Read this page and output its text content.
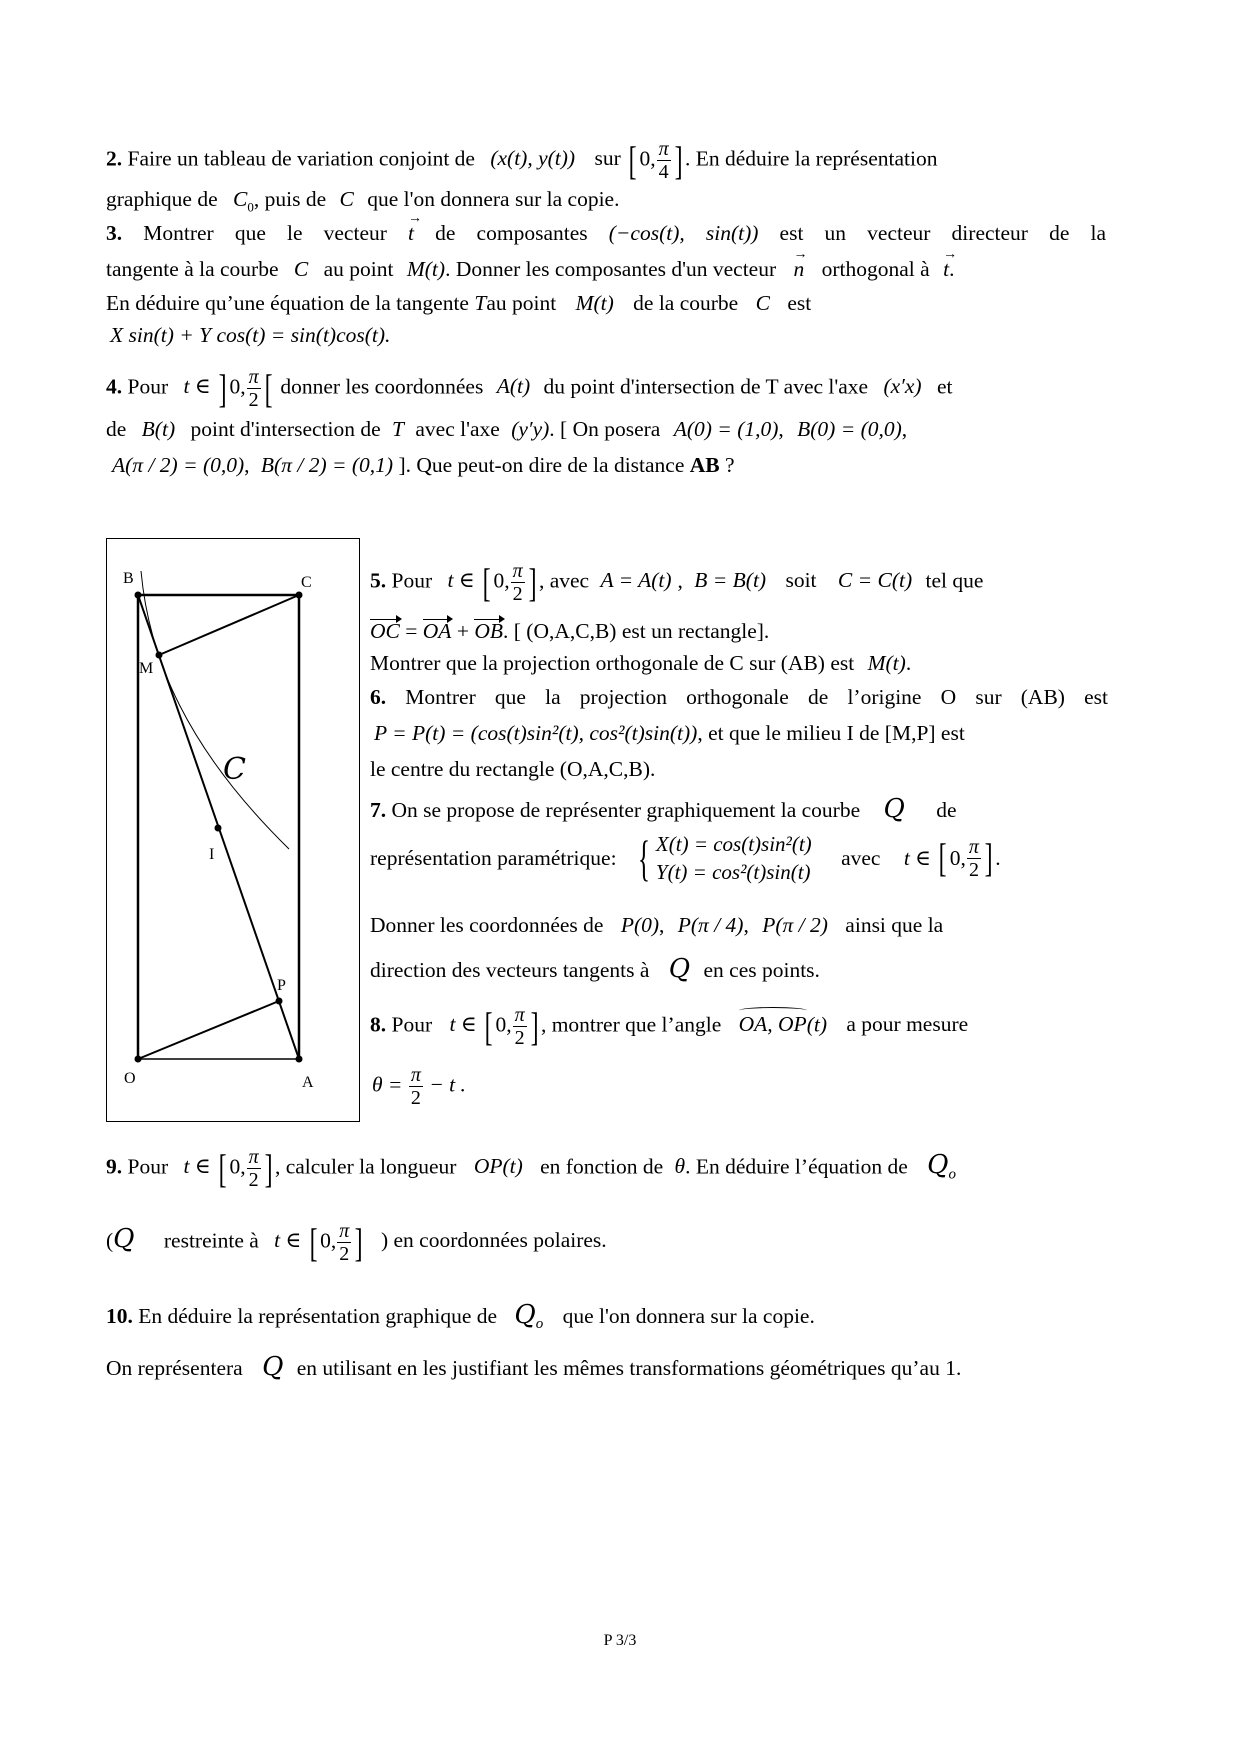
2. Faire un tableau de variation conjoint de (x(t), y(t)) sur [ 0, $\frac{\pi}{4}$ ] . En déduire la représentation
graphique de $C_0$, puis de C que l'on donnera sur la copie.
3. Montrer que le vecteur t → de composantes (−cos(t), sin(t)) est un vecteur directeur de la
tangente à la courbe C au point M(t). Donner les composantes d'un vecteur n → orthogonal à t →.
En déduire qu’une équation de la tangente Tau point M(t) de la courbe C est
X sin(t) + Y cos(t) = sin(t)cos(t).
4. Pour t ∈ ] 0, $\frac{\pi}{2}$ [ donner les coordonnées A(t) du point d'intersection de T avec l'axe (x′x) et
de B(t) point d'intersection de T avec l'axe (y′y). [ On posera A(0) = (1,0), B(0) = (0,0),
A(π / 2) = (0,0), B(π / 2) = (0,1) ]. Que peut-on dire de la distance AB ?
B	C
M
I
P
O	A
C
5. Pour t ∈ [ 0, $\frac{\pi}{2}$ ] , avec A = A(t) , B = B(t) soit C = C(t) tel que
OC = OA + OB. [ (O,A,C,B) est un rectangle].
Montrer que la projection orthogonale de C sur (AB) est M(t).
6. Montrer que la projection orthogonale de l’origine O sur (AB) est
P = P(t) = (cos(t)sin²(t), cos²(t)sin(t)), et que le milieu I de [M,P] est
le centre du rectangle (O,A,C,B).
7. On se propose de représenter graphiquement la courbe Q de
représentation paramétrique: { X(t) = cos(t)sin²(t)
Y(t) = cos²(t)sin(t)
avec t ∈ [ 0, $\frac{\pi}{2}$ ] .
Donner les coordonnées de P(0), P(π / 4), P(π / 2) ainsi que la
direction des vecteurs tangents à Q en ces points.
8. Pour t ∈ [ 0, $\frac{\pi}{2}$ ] , montrer que l’angle OA, OP(t) a pour mesure
$\theta = \frac{\pi}{2} - t$ .
9. Pour t ∈ [ 0, $\frac{\pi}{2}$ ] , calculer la longueur OP(t) en fonction de θ. En déduire l’équation de $Q_o$
(Q restreinte à t ∈ [ 0, $\frac{\pi}{2}$ ] ) en coordonnées polaires.
10. En déduire la représentation graphique de $Q_o$ que l'on donnera sur la copie.
On représentera Q en utilisant en les justifiant les mêmes transformations géométriques qu’au 1.
P 3/3
